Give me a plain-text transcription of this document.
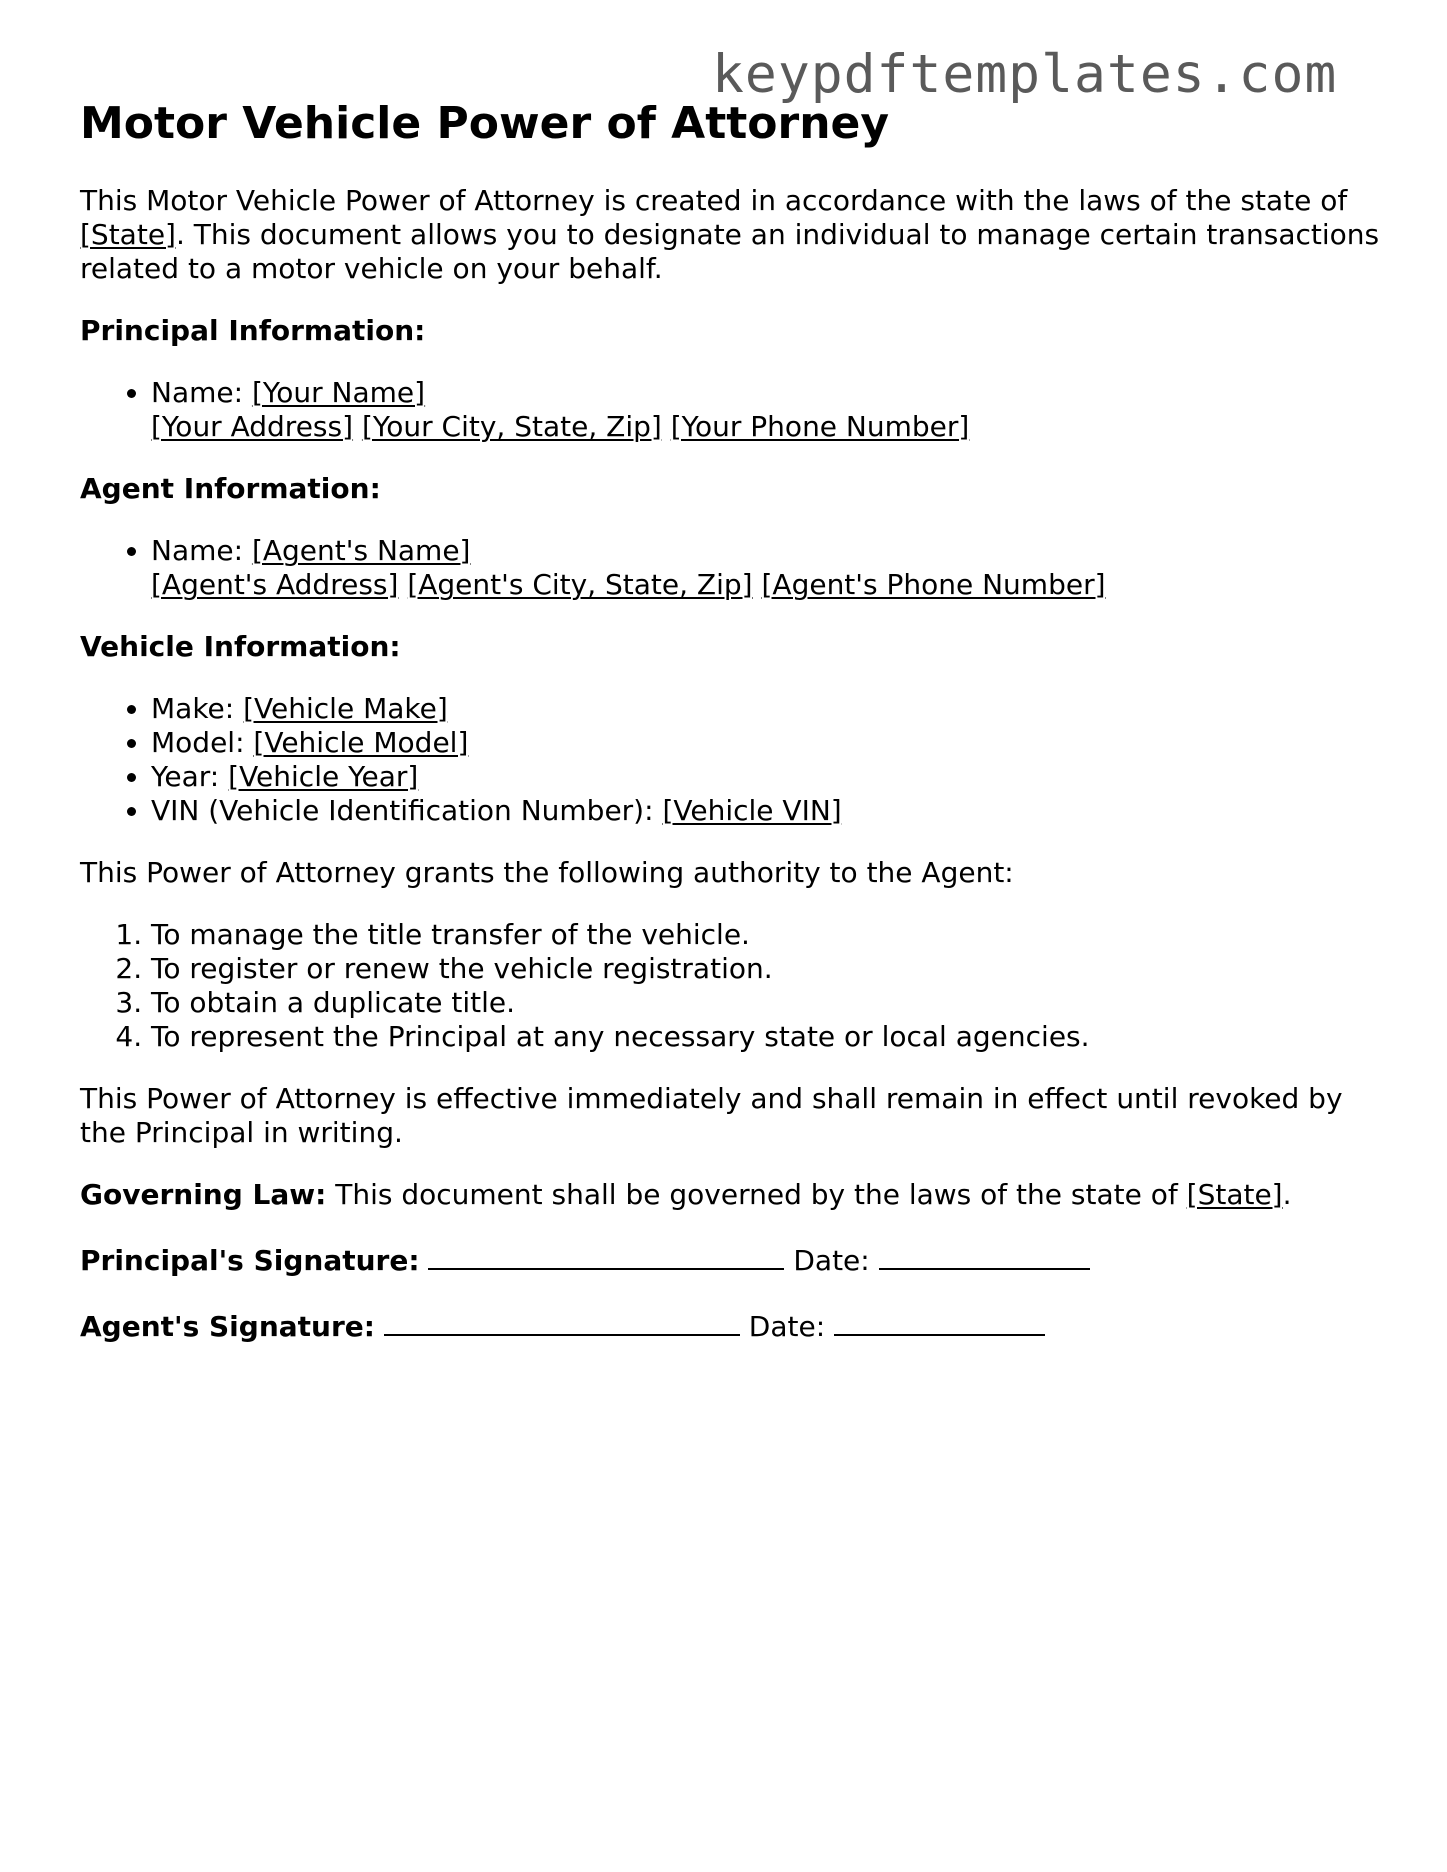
keypdftemplates.com
Motor Vehicle Power of Attorney

This Motor Vehicle Power of Attorney is created in accordance with the laws of the state of [State]. This document allows you to designate an individual to manage certain transactions related to a motor vehicle on your behalf.

Principal Information:
• Name: [Your Name]
[Your Address] [Your City, State, Zip] [Your Phone Number]
Agent Information:
• Name: [Agent's Name]
[Agent's Address] [Agent's City, State, Zip] [Agent's Phone Number]
Vehicle Information:
• Make: [Vehicle Make]
• Model: [Vehicle Model]
• Year: [Vehicle Year]
• VIN (Vehicle Identification Number): [Vehicle VIN]

This Power of Attorney grants the following authority to the Agent:

1. To manage the title transfer of the vehicle.
2. To register or renew the vehicle registration.
3. To obtain a duplicate title.
4. To represent the Principal at any necessary state or local agencies.

This Power of Attorney is effective immediately and shall remain in effect until revoked by the Principal in writing.

Governing Law: This document shall be governed by the laws of the state of [State].

Principal's Signature:	Date:
Agent's Signature:	Date:
